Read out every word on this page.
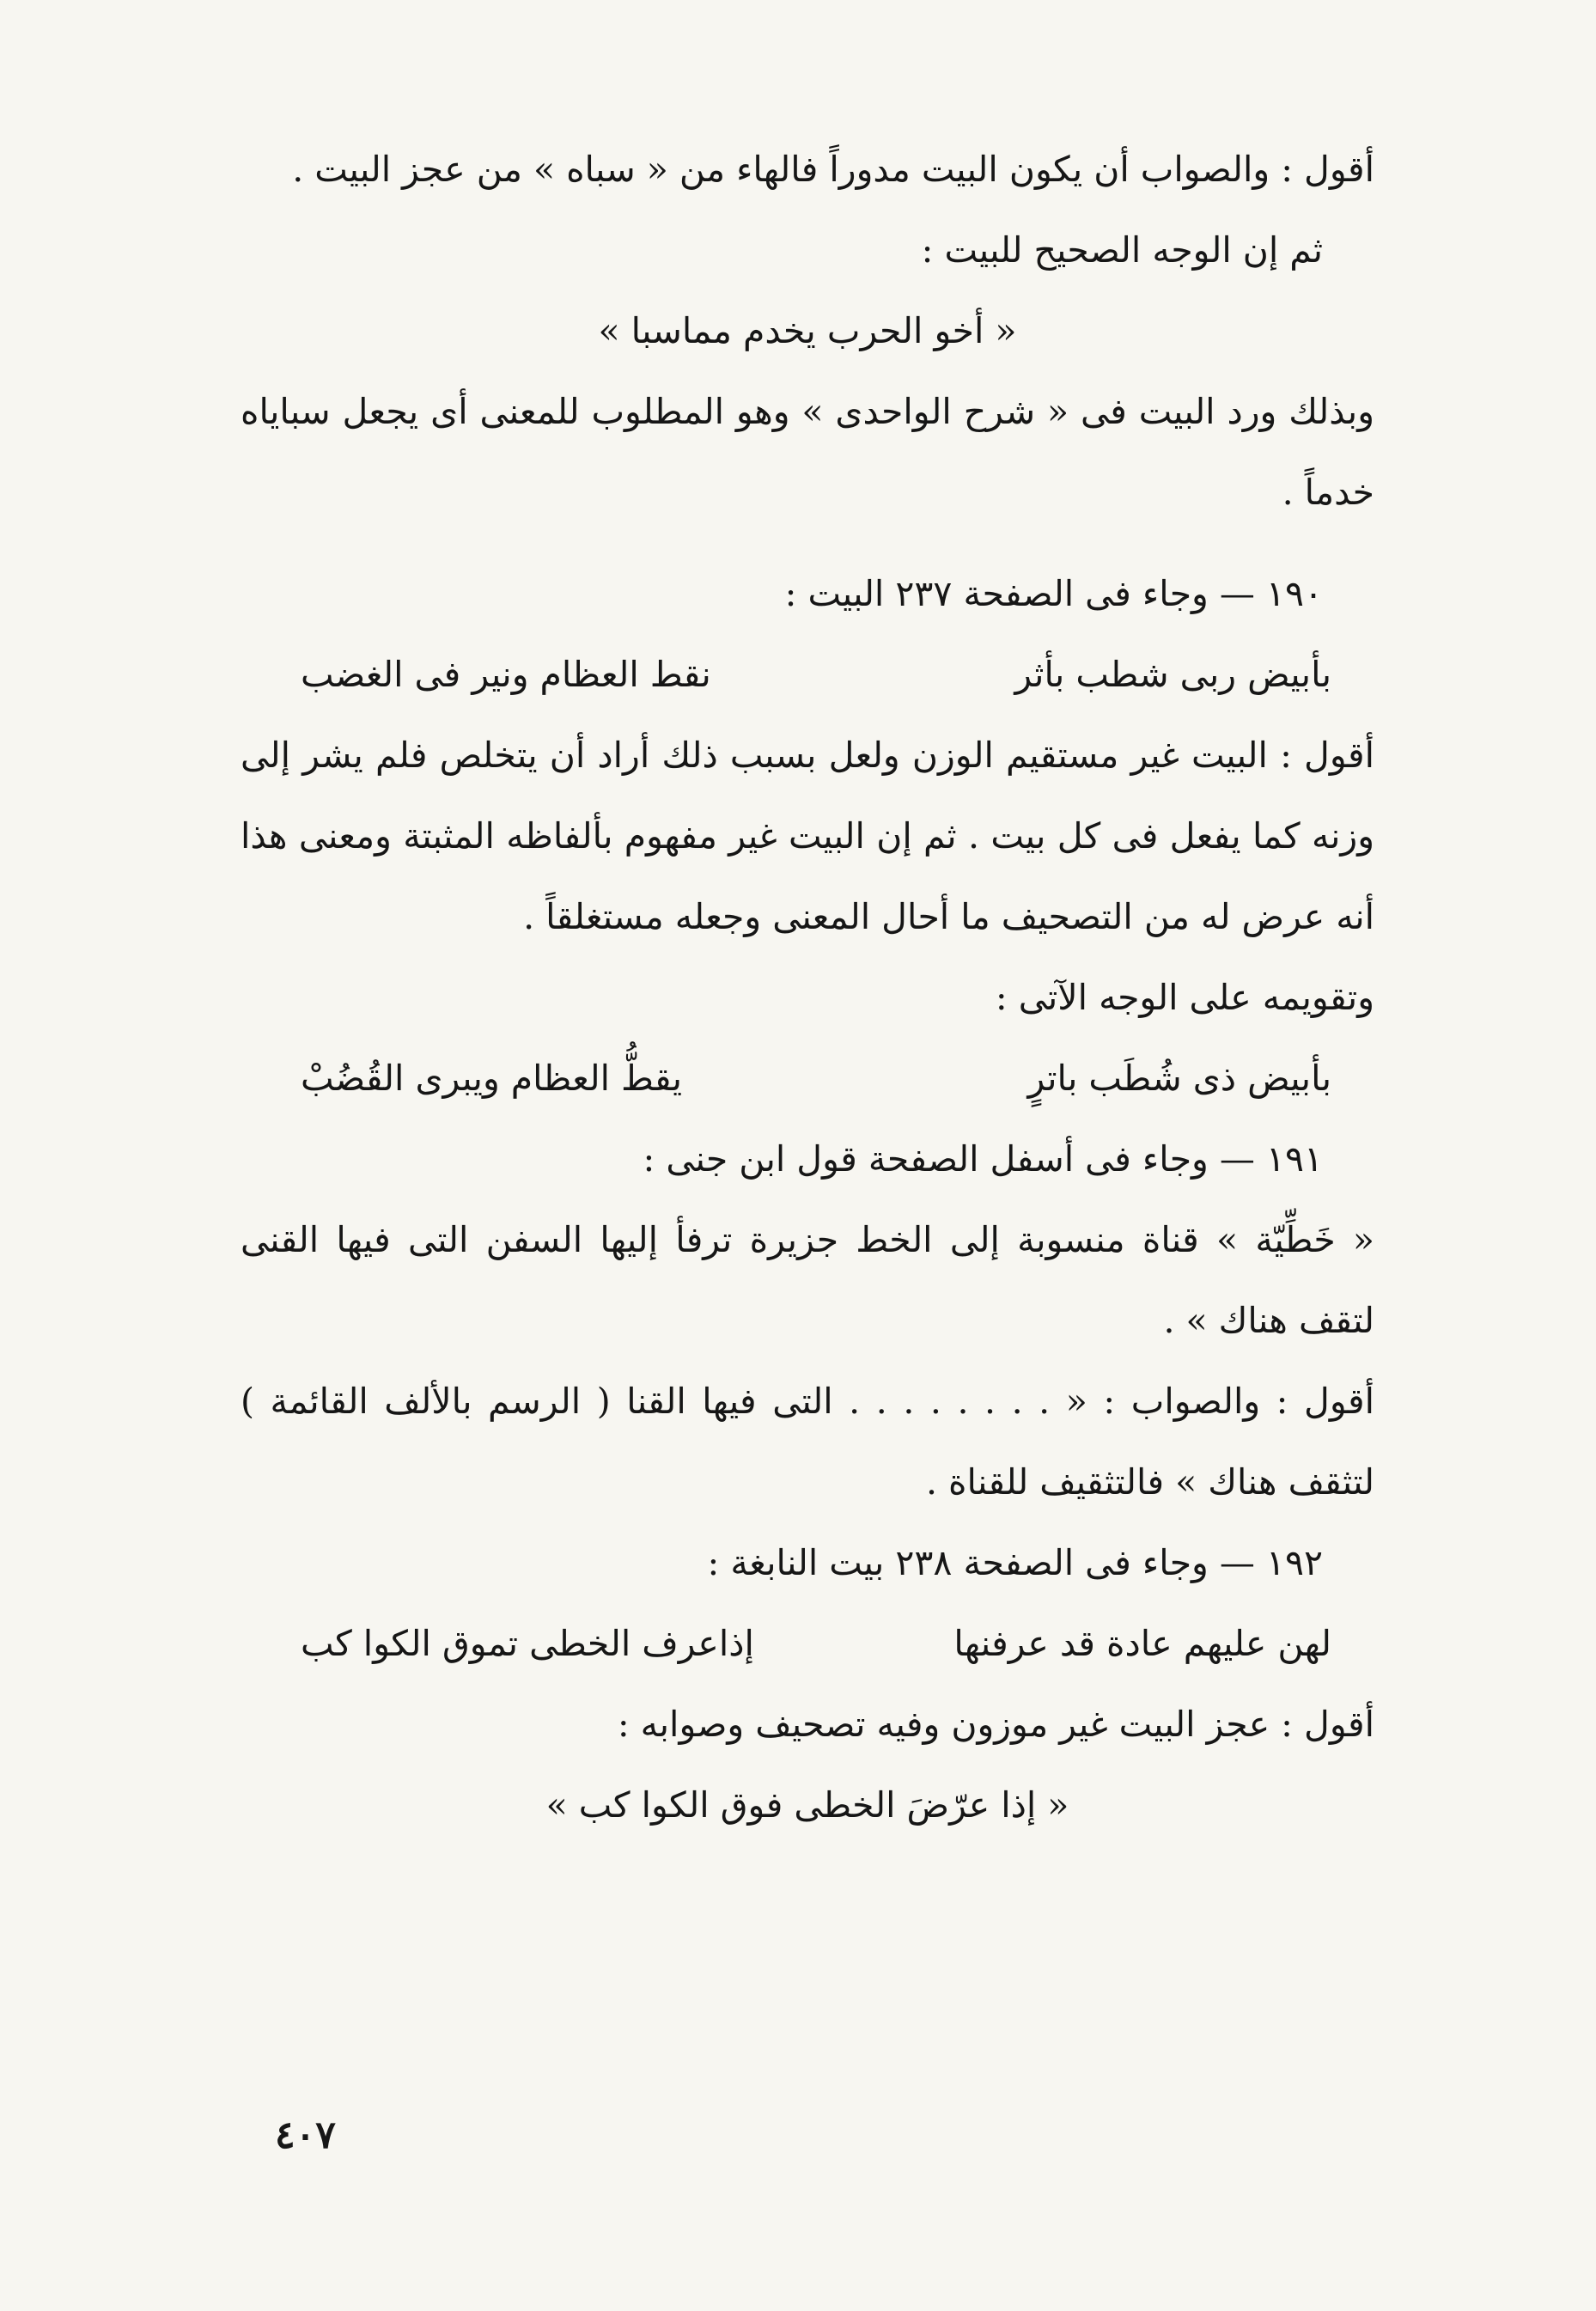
أقول : والصواب أن يكون البيت مدوراً فالهاء من « سباه » من عجز البيت .

ثم إن الوجه الصحيح للبيت :

« أخو الحرب يخدم مماسبا »

وبذلك ورد البيت فى « شرح الواحدى » وهو المطلوب للمعنى أى يجعل سباياه خدماً .

١٩٠ — وجاء فى الصفحة ٢٣٧ البيت :

بأبيض ربى شطب بأثر
نقط العظام ونير فى الغضب

أقول : البيت غير مستقيم الوزن ولعل بسبب ذلك أراد أن يتخلص فلم يشر إلى وزنه كما يفعل فى كل بيت . ثم إن البيت غير مفهوم بألفاظه المثبتة ومعنى هذا أنه عرض له من التصحيف ما أحال المعنى وجعله مستغلقاً .

وتقويمه على الوجه الآتى :

بأبيض ذى شُطَب باترٍ
يقطُّ العظام ويبرى القُضُبْ

١٩١ — وجاء فى أسفل الصفحة قول ابن جنى :

« خَطِّيّة » قناة منسوبة إلى الخط جزيرة ترفأ إليها السفن التى فيها القنى لتقف هناك » .

أقول : والصواب : « . . . . . . . . التى فيها القنا ( الرسم بالألف القائمة ) لتثقف هناك » فالتثقيف للقناة .

١٩٢ — وجاء فى الصفحة ٢٣٨ بيت النابغة :

لهن عليهم عادة قد عرفنها
إذاعرف الخطى تموق الكوا كب

أقول : عجز البيت غير موزون وفيه تصحيف وصوابه :

« إذا عرّضَ الخطى فوق الكوا كب »

٤٠٧
